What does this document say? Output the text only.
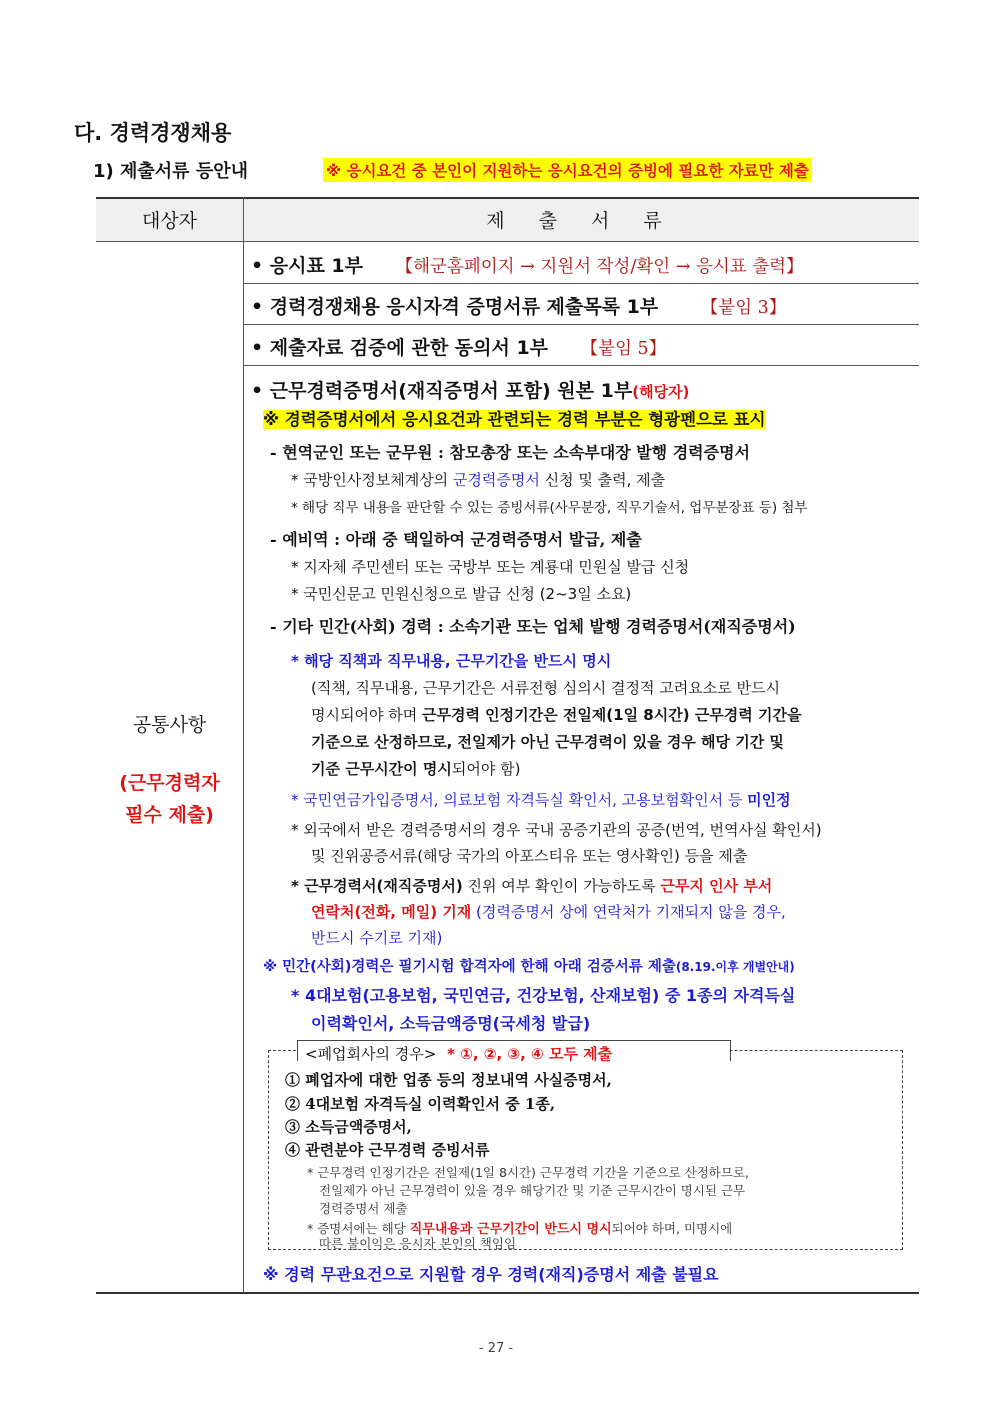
다. 경력경쟁채용
1) 제출서류 등안내	※ 응시요건 중 본인이 지원하는 응시요건의 증빙에 필요한 자료만 제출
대상자	제 출 서 류
공통사항
(근무경력자
필수 제출)
• 응시표 1부 【해군홈페이지 → 지원서 작성/확인 → 응시표 출력】
• 경력경쟁채용 응시자격 증명서류 제출목록 1부 【붙임 3】
• 제출자료 검증에 관한 동의서 1부 【붙임 5】
• 근무경력증명서(재직증명서 포함) 원본 1부(해당자)
※ 경력증명서에서 응시요건과 관련되는 경력 부분은 형광펜으로 표시
- 현역군인 또는 군무원 : 참모총장 또는 소속부대장 발행 경력증명서
* 국방인사정보체계상의 군경력증명서 신청 및 출력, 제출
* 해당 직무 내용을 판단할 수 있는 증빙서류(사무분장, 직무기술서, 업무분장표 등) 첨부
- 예비역 : 아래 중 택일하여 군경력증명서 발급, 제출
* 지자체 주민센터 또는 국방부 또는 계룡대 민원실 발급 신청
* 국민신문고 민원신청으로 발급 신청 (2~3일 소요)
- 기타 민간(사회) 경력 : 소속기관 또는 업체 발행 경력증명서(재직증명서)
* 해당 직책과 직무내용, 근무기간을 반드시 명시
(직책, 직무내용, 근무기간은 서류전형 심의시 결정적 고려요소로 반드시
명시되어야 하며 근무경력 인정기간은 전일제(1일 8시간) 근무경력 기간을
기준으로 산정하므로, 전일제가 아닌 근무경력이 있을 경우 해당 기간 및
기준 근무시간이 명시되어야 함)
* 국민연금가입증명서, 의료보험 자격득실 확인서, 고용보험확인서 등 미인정
* 외국에서 받은 경력증명서의 경우 국내 공증기관의 공증(번역, 번역사실 확인서)
및 진위공증서류(해당 국가의 아포스티유 또는 영사확인) 등을 제출
* 근무경력서(재직증명서) 진위 여부 확인이 가능하도록 근무지 인사 부서
연락처(전화, 메일) 기재 (경력증명서 상에 연락처가 기재되지 않을 경우,
반드시 수기로 기재)
※ 민간(사회)경력은 필기시험 합격자에 한해 아래 검증서류 제출(8.19.이후 개별안내)
* 4대보험(고용보험, 국민연금, 건강보험, 산재보험) 중 1종의 자격득실
이력확인서, 소득금액증명(국세청 발급)
<폐업회사의 경우> * ①, ②, ③, ④ 모두 제출
① 폐업자에 대한 업종 등의 정보내역 사실증명서,
② 4대보험 자격득실 이력확인서 중 1종,
③ 소득금액증명서,
④ 관련분야 근무경력 증빙서류
* 근무경력 인정기간은 전일제(1일 8시간) 근무경력 기간을 기준으로 산정하므로,
전일제가 아닌 근무경력이 있을 경우 해당기간 및 기준 근무시간이 명시된 근무
경력증명서 제출
* 증명서에는 해당 직무내용과 근무기간이 반드시 명시되어야 하며, 미명시에
따른 불이익은 응시자 본인의 책임임
※ 경력 무관요건으로 지원할 경우 경력(재직)증명서 제출 불필요
- 27 -
